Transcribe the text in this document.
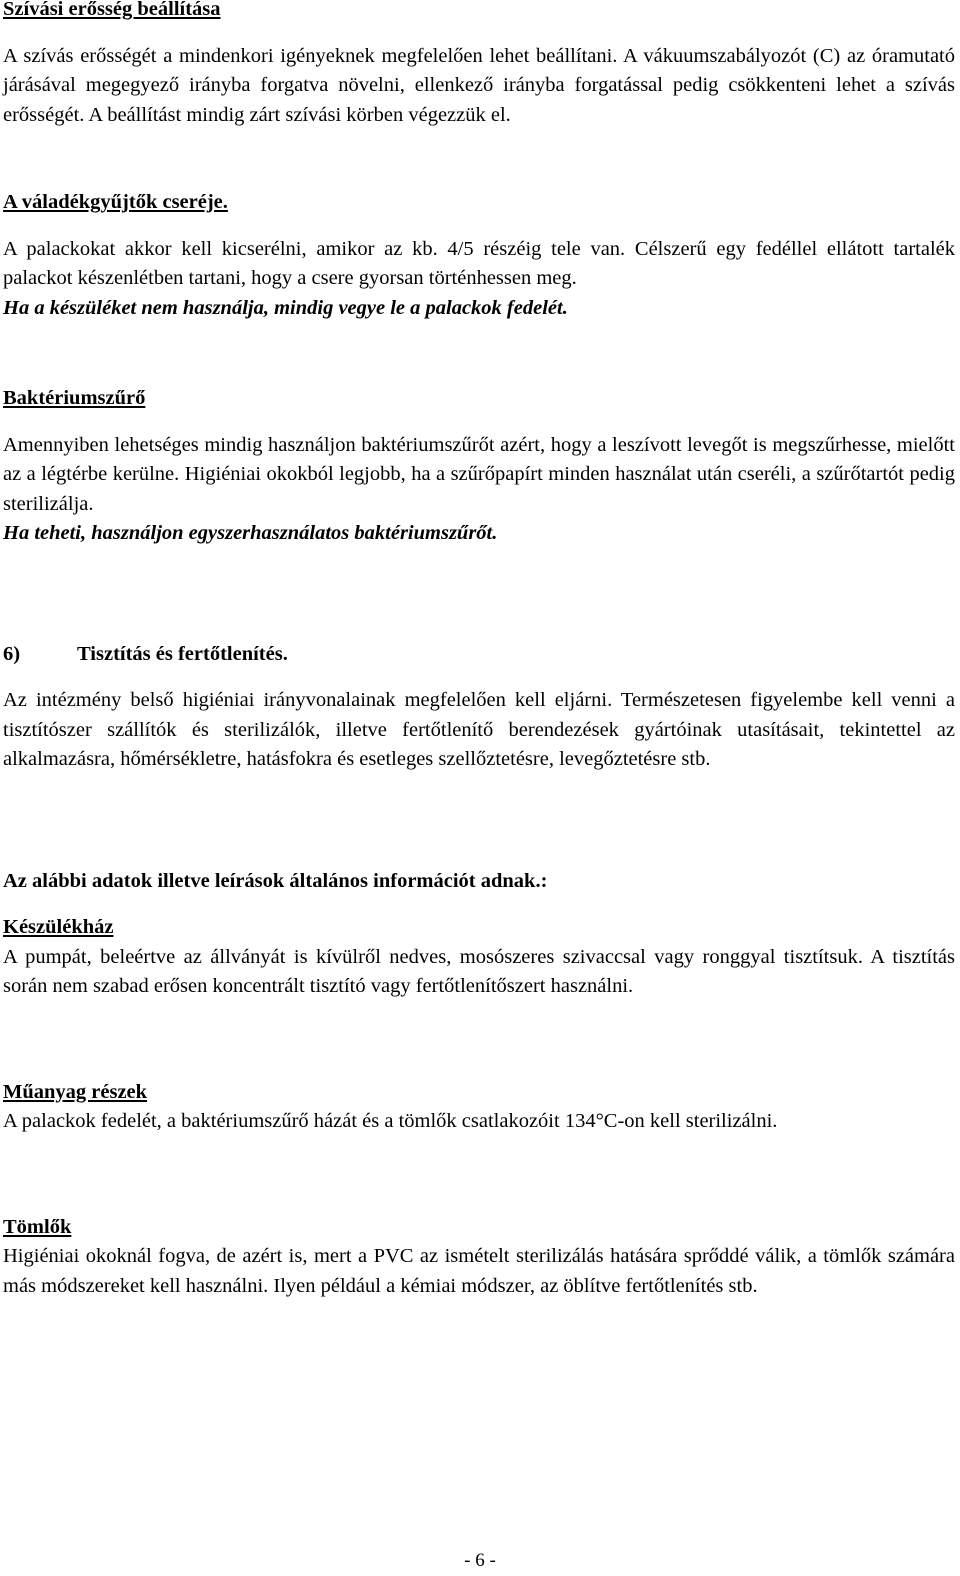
Szívási erősség beállítása

A szívás erősségét a mindenkori igényeknek megfelelően lehet beállítani. A vákuumszabályozót (C) az óramutató járásával megegyező irányba forgatva növelni, ellenkező irányba forgatással pedig csökkenteni lehet a szívás erősségét. A beállítást mindig zárt szívási körben végezzük el.

A váladékgyűjtők cseréje.

A palackokat akkor kell kicserélni, amikor az kb. 4/5 részéig tele van. Célszerű egy fedéllel ellátott tartalék palackot készenlétben tartani, hogy a csere gyorsan történhessen meg.

Ha a készüléket nem használja, mindig vegye le a palackok fedelét.

Baktériumszűrő

Amennyiben lehetséges mindig használjon baktériumszűrőt azért, hogy a leszívott levegőt is megszűrhesse, mielőtt az a légtérbe kerülne. Higiéniai okokból legjobb, ha a szűrőpapírt minden használat után cseréli, a szűrőtartót pedig sterilizálja.

Ha teheti, használjon egyszerhasználatos baktériumszűrőt.

6)	Tisztítás és fertőtlenítés.

Az intézmény belső higiéniai irányvonalainak megfelelően kell eljárni. Természetesen figyelembe kell venni a tisztítószer szállítók és sterilizálók, illetve fertőtlenítő berendezések gyártóinak utasításait, tekintettel az alkalmazásra, hőmérsékletre, hatásfokra és esetleges szellőztetésre, levegőztetésre stb.

Az alábbi adatok illetve leírások általános információt adnak.:
Készülékház

A pumpát, beleértve az állványát is kívülről nedves, mosószeres szivaccsal vagy ronggyal tisztítsuk. A tisztítás során nem szabad erősen koncentrált tisztító vagy fertőtlenítőszert használni.

Műanyag részek

A palackok fedelét, a baktériumszűrő házát és a tömlők csatlakozóit 134°C-on kell sterilizálni.

Tömlők

Higiéniai okoknál fogva, de azért is, mert a PVC az ismételt sterilizálás hatására sprőddé válik, a tömlők számára más módszereket kell használni. Ilyen például a kémiai módszer, az öblítve fertőtlenítés stb.

- 6 -
